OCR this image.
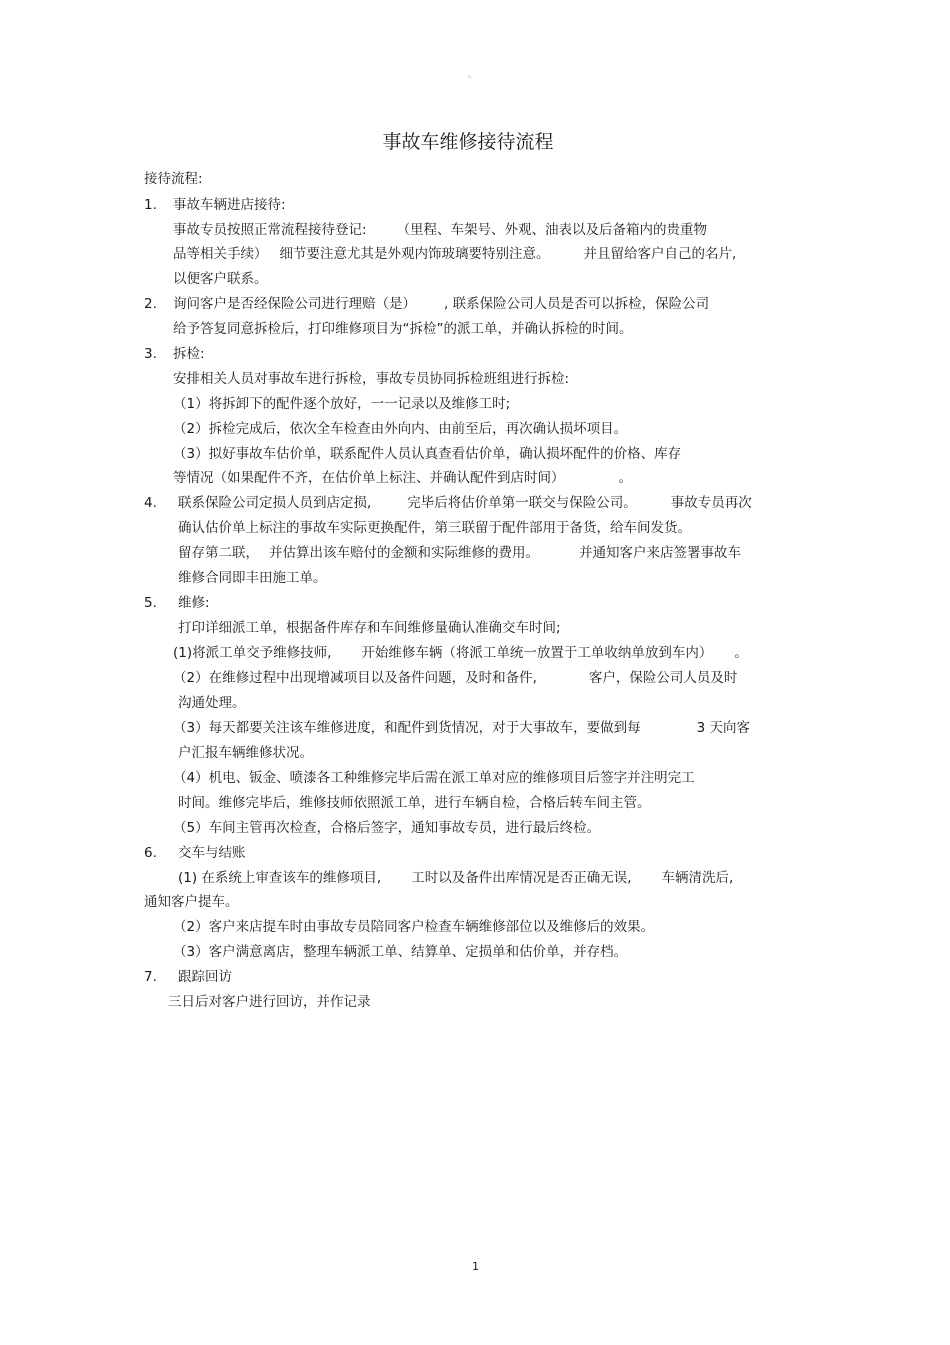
。
事故车维修接待流程
接待流程:
1. 事故车辆进店接待:
事故专员按照正常流程接待登记: （里程、车架号、外观、油表以及后备箱内的贵重物
品等相关手续） 细节要注意尤其是外观内饰玻璃要特别注意。	并且留给客户自己的名片,
以便客户联系。
2. 询问客户是否经保险公司进行理赔（是） , 联系保险公司人员是否可以拆检，保险公司
给予答复同意拆检后，打印维修项目为“拆检”的派工单，并确认拆检的时间。
3. 拆检:
安排相关人员对事故车进行拆检，事故专员协同拆检班组进行拆检:
（1）将拆卸下的配件逐个放好，一一记录以及维修工时;
（2）拆检完成后，依次全车检查由外向内、由前至后，再次确认损坏项目。
（3）拟好事故车估价单，联系配件人员认真查看估价单，确认损坏配件的价格、库存
等情况（如果配件不齐，在估价单上标注、并确认配件到店时间）	。
4. 联系保险公司定损人员到店定损,	完毕后将估价单第一联交与保险公司。	事故专员再次
确认估价单上标注的事故车实际更换配件，第三联留于配件部用于备货，给车间发货。
留存第二联， 并估算出该车赔付的金额和实际维修的费用。	并通知客户来店签署事故车
维修合同即丰田施工单。
5. 维修:
打印详细派工单，根据备件库存和车间维修量确认准确交车时间;
(1)将派工单交予维修技师, 开始维修车辆（将派工单统一放置于工单收纳单放到车内） 。
（2）在维修过程中出现增减项目以及备件问题，及时和备件,	客户，保险公司人员及时
沟通处理。
（3）每天都要关注该车维修进度，和配件到货情况，对于大事故车，要做到每	3 天向客
户汇报车辆维修状况。
（4）机电、钣金、喷漆各工种维修完毕后需在派工单对应的维修项目后签字并注明完工
时间。维修完毕后，维修技师依照派工单，进行车辆自检，合格后转车间主管。
（5）车间主管再次检查，合格后签字，通知事故专员，进行最后终检。
6. 交车与结账
(1) 在系统上审查该车的维修项目, 工时以及备件出库情况是否正确无误, 车辆清洗后,
通知客户提车。
（2）客户来店提车时由事故专员陪同客户检查车辆维修部位以及维修后的效果。
（3）客户满意离店，整理车辆派工单、结算单、定损单和估价单，并存档。
7. 跟踪回访
三日后对客户进行回访，并作记录
1
